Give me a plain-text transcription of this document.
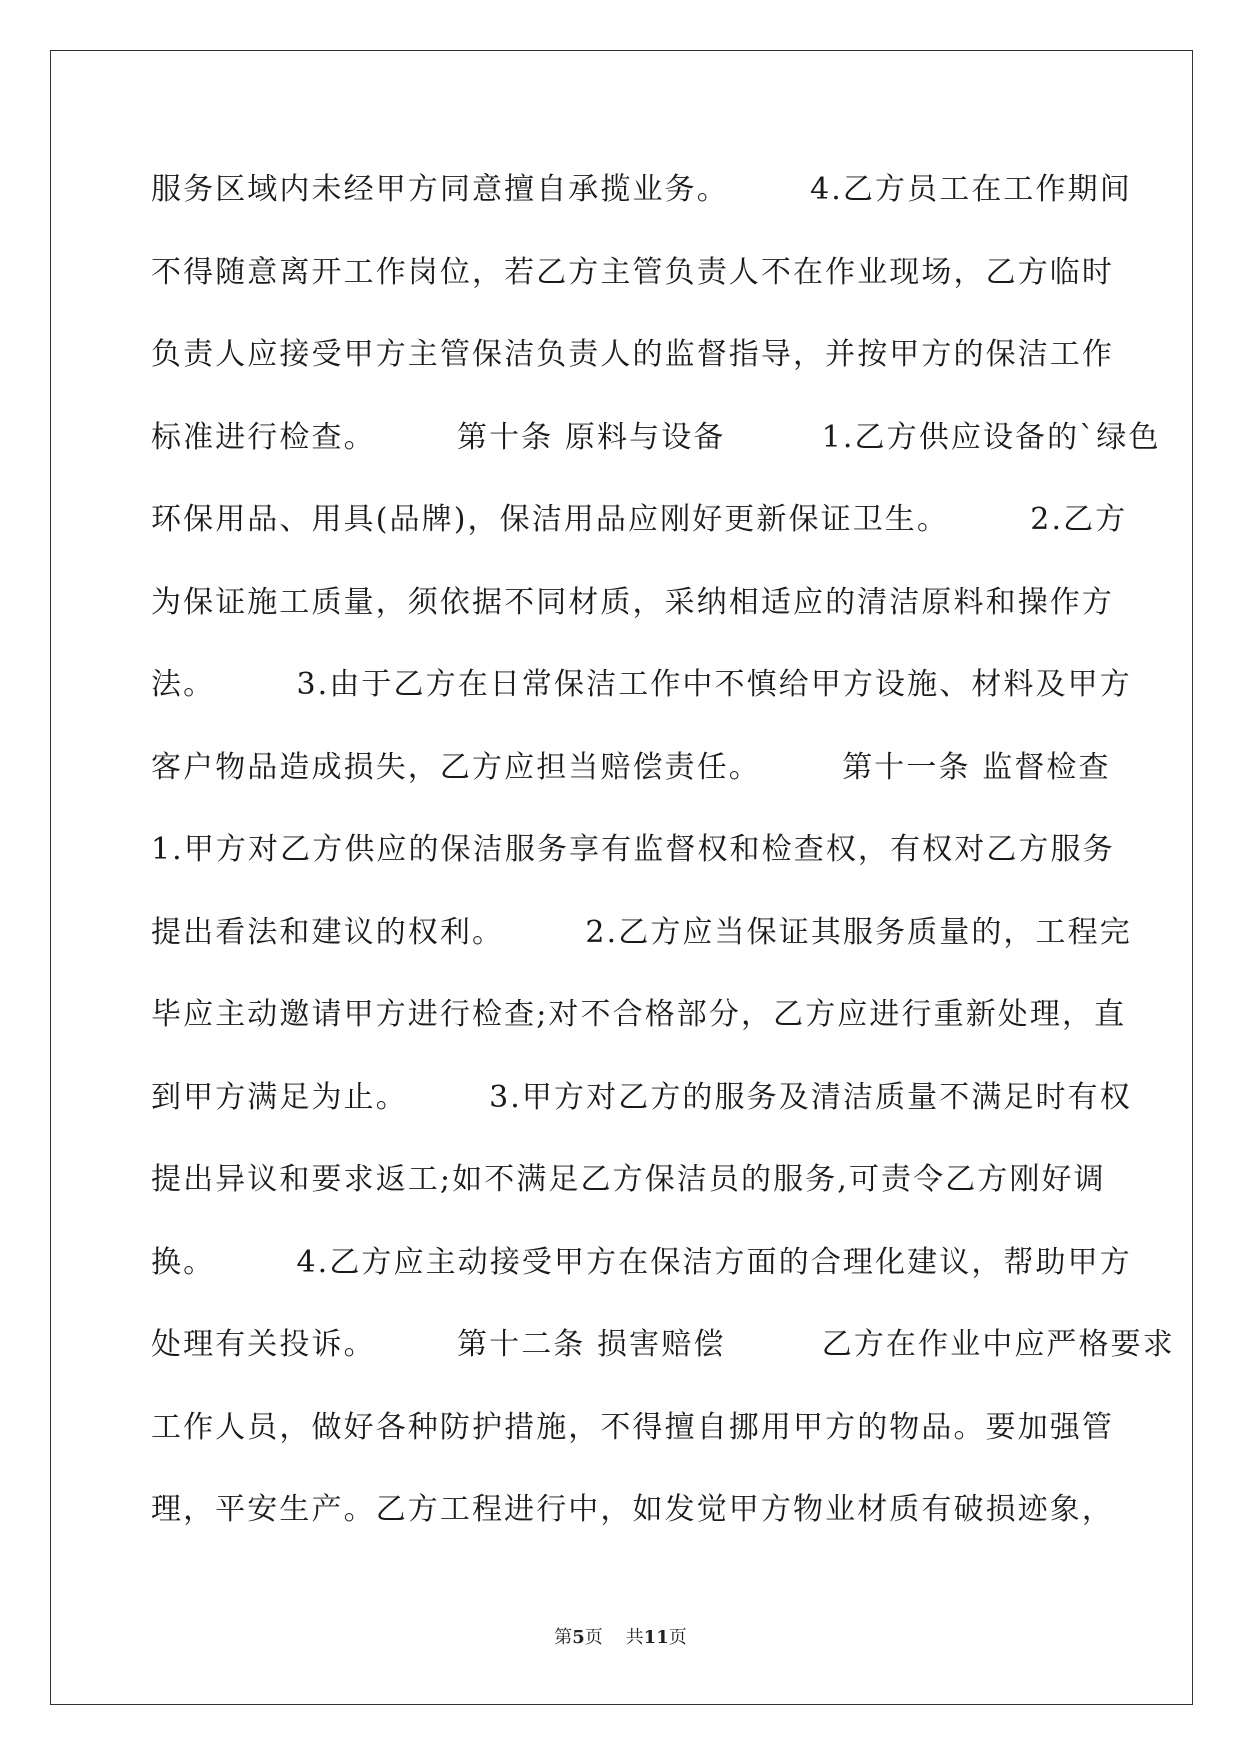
服务区域内未经甲方同意擅自承揽业务。　　　4.乙方员工在工作期间
不得随意离开工作岗位，若乙方主管负责人不在作业现场，乙方临时
负责人应接受甲方主管保洁负责人的监督指导，并按甲方的保洁工作
标准进行检查。　　　第十条 原料与设备　　　1.乙方供应设备的`绿色
环保用品、用具(品牌)，保洁用品应刚好更新保证卫生。　　　2.乙方
为保证施工质量，须依据不同材质，采纳相适应的清洁原料和操作方
法。　　　3.由于乙方在日常保洁工作中不慎给甲方设施、材料及甲方
客户物品造成损失，乙方应担当赔偿责任。　　　第十一条 监督检查
1.甲方对乙方供应的保洁服务享有监督权和检查权，有权对乙方服务
提出看法和建议的权利。　　　2.乙方应当保证其服务质量的，工程完
毕应主动邀请甲方进行检查;对不合格部分，乙方应进行重新处理，直
到甲方满足为止。　　　3.甲方对乙方的服务及清洁质量不满足时有权
提出异议和要求返工;如不满足乙方保洁员的服务,可责令乙方刚好调
换。　　　4.乙方应主动接受甲方在保洁方面的合理化建议，帮助甲方
处理有关投诉。　　　第十二条 损害赔偿　　　乙方在作业中应严格要求
工作人员，做好各种防护措施，不得擅自挪用甲方的物品。要加强管
理，平安生产。乙方工程进行中，如发觉甲方物业材质有破损迹象，
第5页 共11页
